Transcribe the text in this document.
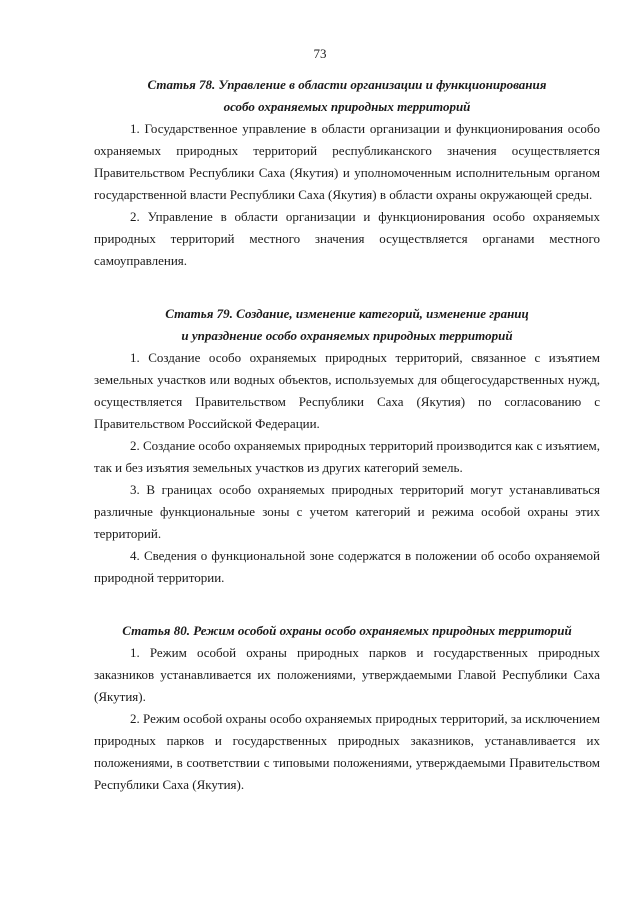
73
Статья 78. Управление в области организации и функционирования
особо охраняемых природных территорий

1. Государственное управление в области организации и функционирования особо охраняемых природных территорий республиканского значения осуществляется Правительством Республики Саха (Якутия) и уполномоченным исполнительным органом государственной власти Республики Саха (Якутия) в области охраны окружающей среды.

2. Управление в области организации и функционирования особо охраняемых природных территорий местного значения осуществляется органами местного самоуправления.

Статья 79. Создание, изменение категорий, изменение границ
и упразднение особо охраняемых природных территорий

1. Создание особо охраняемых природных территорий, связанное с изъятием земельных участков или водных объектов, используемых для общегосударственных нужд, осуществляется Правительством Республики Саха (Якутия) по согласованию с Правительством Российской Федерации.

2. Создание особо охраняемых природных территорий производится как с изъятием, так и без изъятия земельных участков из других категорий земель.

3. В границах особо охраняемых природных территорий могут устанавливаться различные функциональные зоны с учетом категорий и режима особой охраны этих территорий.

4. Сведения о функциональной зоне содержатся в положении об особо охраняемой природной территории.

Статья 80. Режим особой охраны особо охраняемых природных территорий

1. Режим особой охраны природных парков и государственных природных заказников устанавливается их положениями, утверждаемыми Главой Республики Саха (Якутия).

2. Режим особой охраны особо охраняемых природных территорий, за исключением природных парков и государственных природных заказников, устанавливается их положениями, в соответствии с типовыми положениями, утверждаемыми Правительством Республики Саха (Якутия).
